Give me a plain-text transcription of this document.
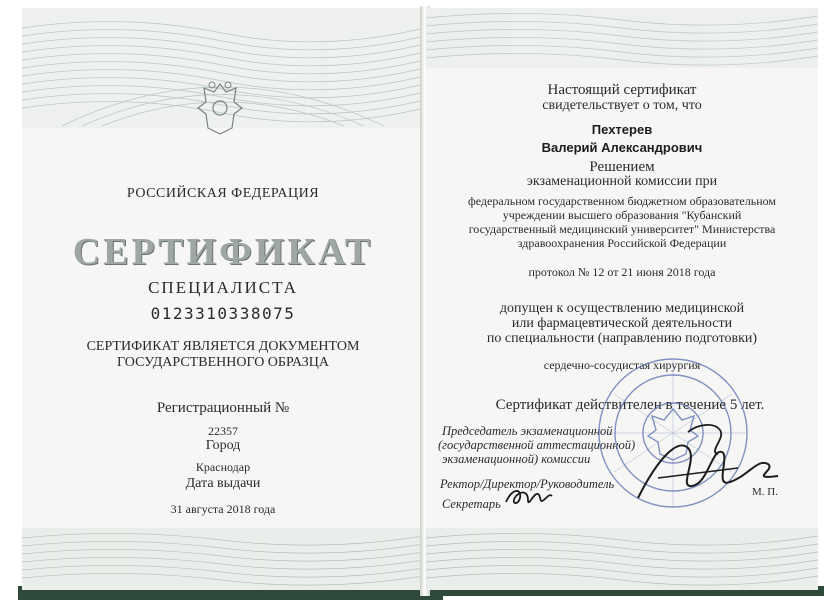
РОССИЙСКАЯ ФЕДЕРАЦИЯ
СЕРТИФИКАТ
СПЕЦИАЛИСТА
0123310338075
СЕРТИФИКАТ ЯВЛЯЕТСЯ ДОКУМЕНТОМ
ГОСУДАРСТВЕННОГО ОБРАЗЦА
Регистрационный №
22357
Город
Краснодар
Дата выдачи
31 августа 2018 года
Настоящий сертификат
свидетельствует о том, что
Пехтерев
Валерий Александрович
Решением
экзаменационной комиссии при
федеральном государственном бюджетном образовательном
учреждении высшего образования "Кубанский
государственный медицинский университет" Министерства
здравоохранения Российской Федерации
протокол № 12 от 21 июня 2018 года
допущен к осуществлению медицинской
или фармацевтической деятельности
по специальности (направлению подготовки)
сердечно-сосудистая хирургия
Сертификат действителен в течение 5 лет.
Председатель экзаменационной
(государственной аттестационной)
экзаменационной) комиссии
Ректор/Директор/Руководитель
М. П.
Секретарь
